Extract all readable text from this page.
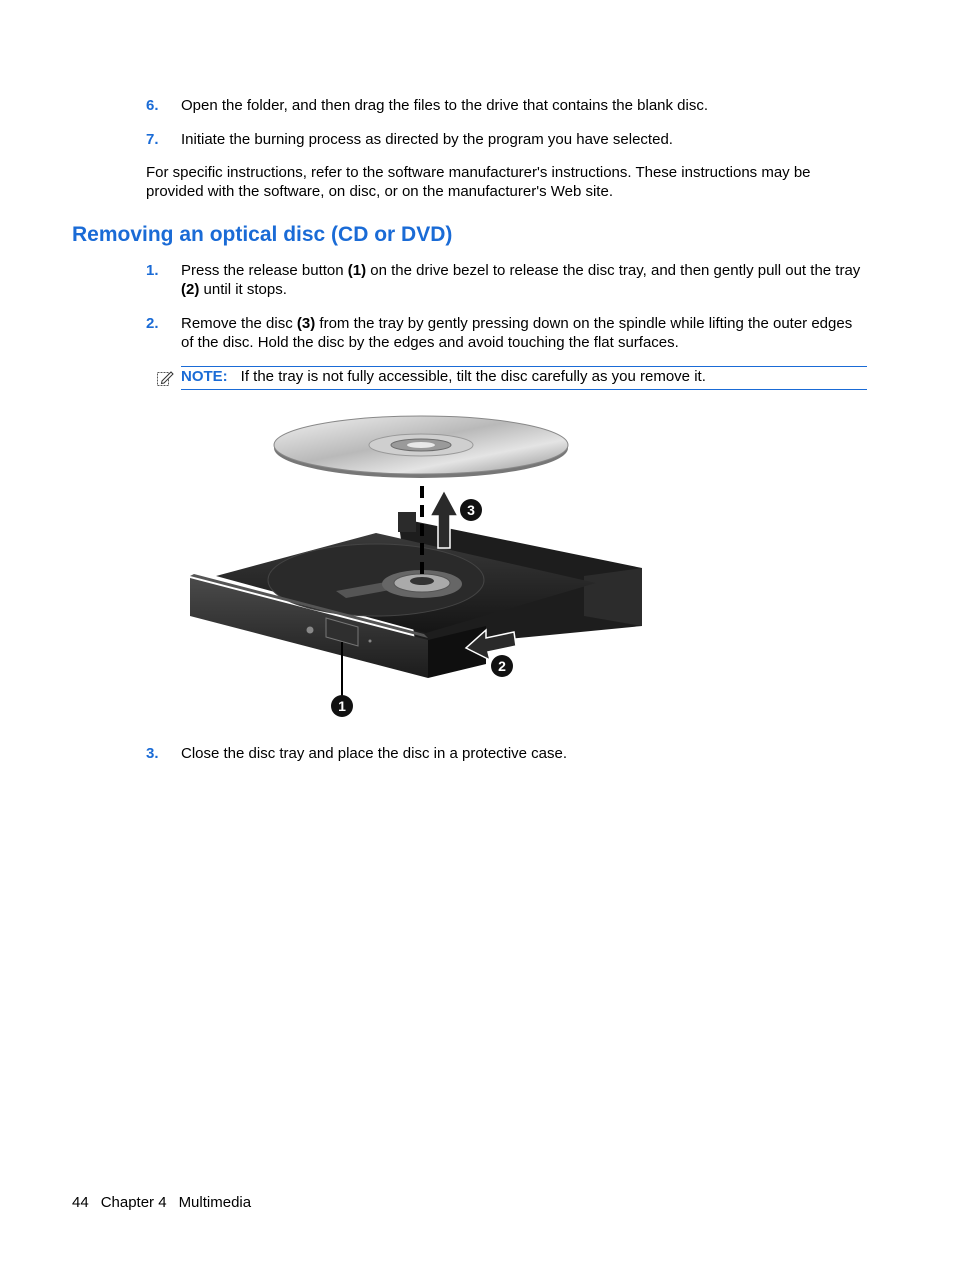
6. Open the folder, and then drag the files to the drive that contains the blank disc.
7. Initiate the burning process as directed by the program you have selected.
For specific instructions, refer to the software manufacturer's instructions. These instructions may be provided with the software, on disc, or on the manufacturer's Web site.
Removing an optical disc (CD or DVD)
1. Press the release button (1) on the drive bezel to release the disc tray, and then gently pull out the tray (2) until it stops.
2. Remove the disc (3) from the tray by gently pressing down on the spindle while lifting the outer edges of the disc. Hold the disc by the edges and avoid touching the flat surfaces.
NOTE: If the tray is not fully accessible, tilt the disc carefully as you remove it.
1
2
3
3. Close the disc tray and place the disc in a protective case.
44 Chapter 4 Multimedia
